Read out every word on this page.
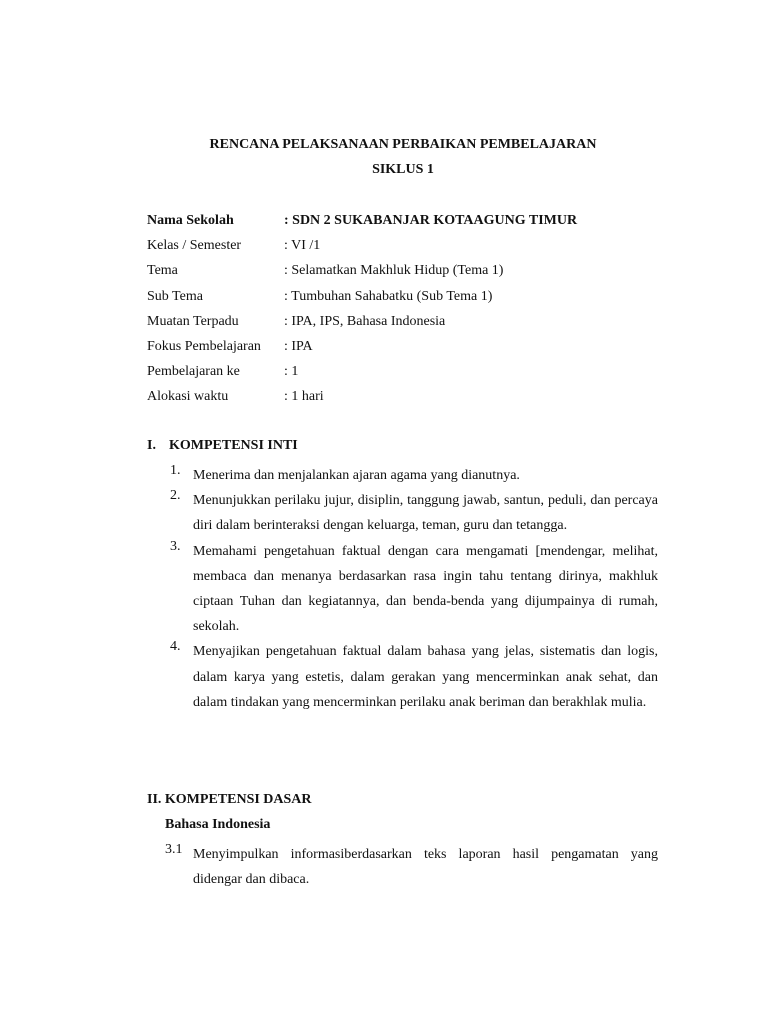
RENCANA PELAKSANAAN PERBAIKAN PEMBELAJARAN
SIKLUS 1
Nama Sekolah	: SDN 2 SUKABANJAR KOTAAGUNG TIMUR
Kelas / Semester	: VI /1
Tema	: Selamatkan Makhluk Hidup (Tema 1)
Sub Tema	: Tumbuhan Sahabatku (Sub Tema 1)
Muatan Terpadu	: IPA, IPS, Bahasa Indonesia
Fokus Pembelajaran : IPA
Pembelajaran ke	: 1
Alokasi waktu	: 1 hari
I. KOMPETENSI INTI
1. Menerima dan menjalankan ajaran agama yang dianutnya.
2. Menunjukkan perilaku jujur, disiplin, tanggung jawab, santun, peduli, dan percaya diri dalam berinteraksi dengan keluarga, teman, guru dan tetangga.
3. Memahami pengetahuan faktual dengan cara mengamati [mendengar, melihat, membaca dan menanya berdasarkan rasa ingin tahu tentang dirinya, makhluk ciptaan Tuhan dan kegiatannya, dan benda-benda yang dijumpainya di rumah, sekolah.
4. Menyajikan pengetahuan faktual dalam bahasa yang jelas, sistematis dan logis, dalam karya yang estetis, dalam gerakan yang mencerminkan anak sehat, dan dalam tindakan yang mencerminkan perilaku anak beriman dan berakhlak mulia.
II. KOMPETENSI DASAR
Bahasa Indonesia
3.1 Menyimpulkan informasiberdasarkan teks laporan hasil pengamatan yang didengar dan dibaca.
